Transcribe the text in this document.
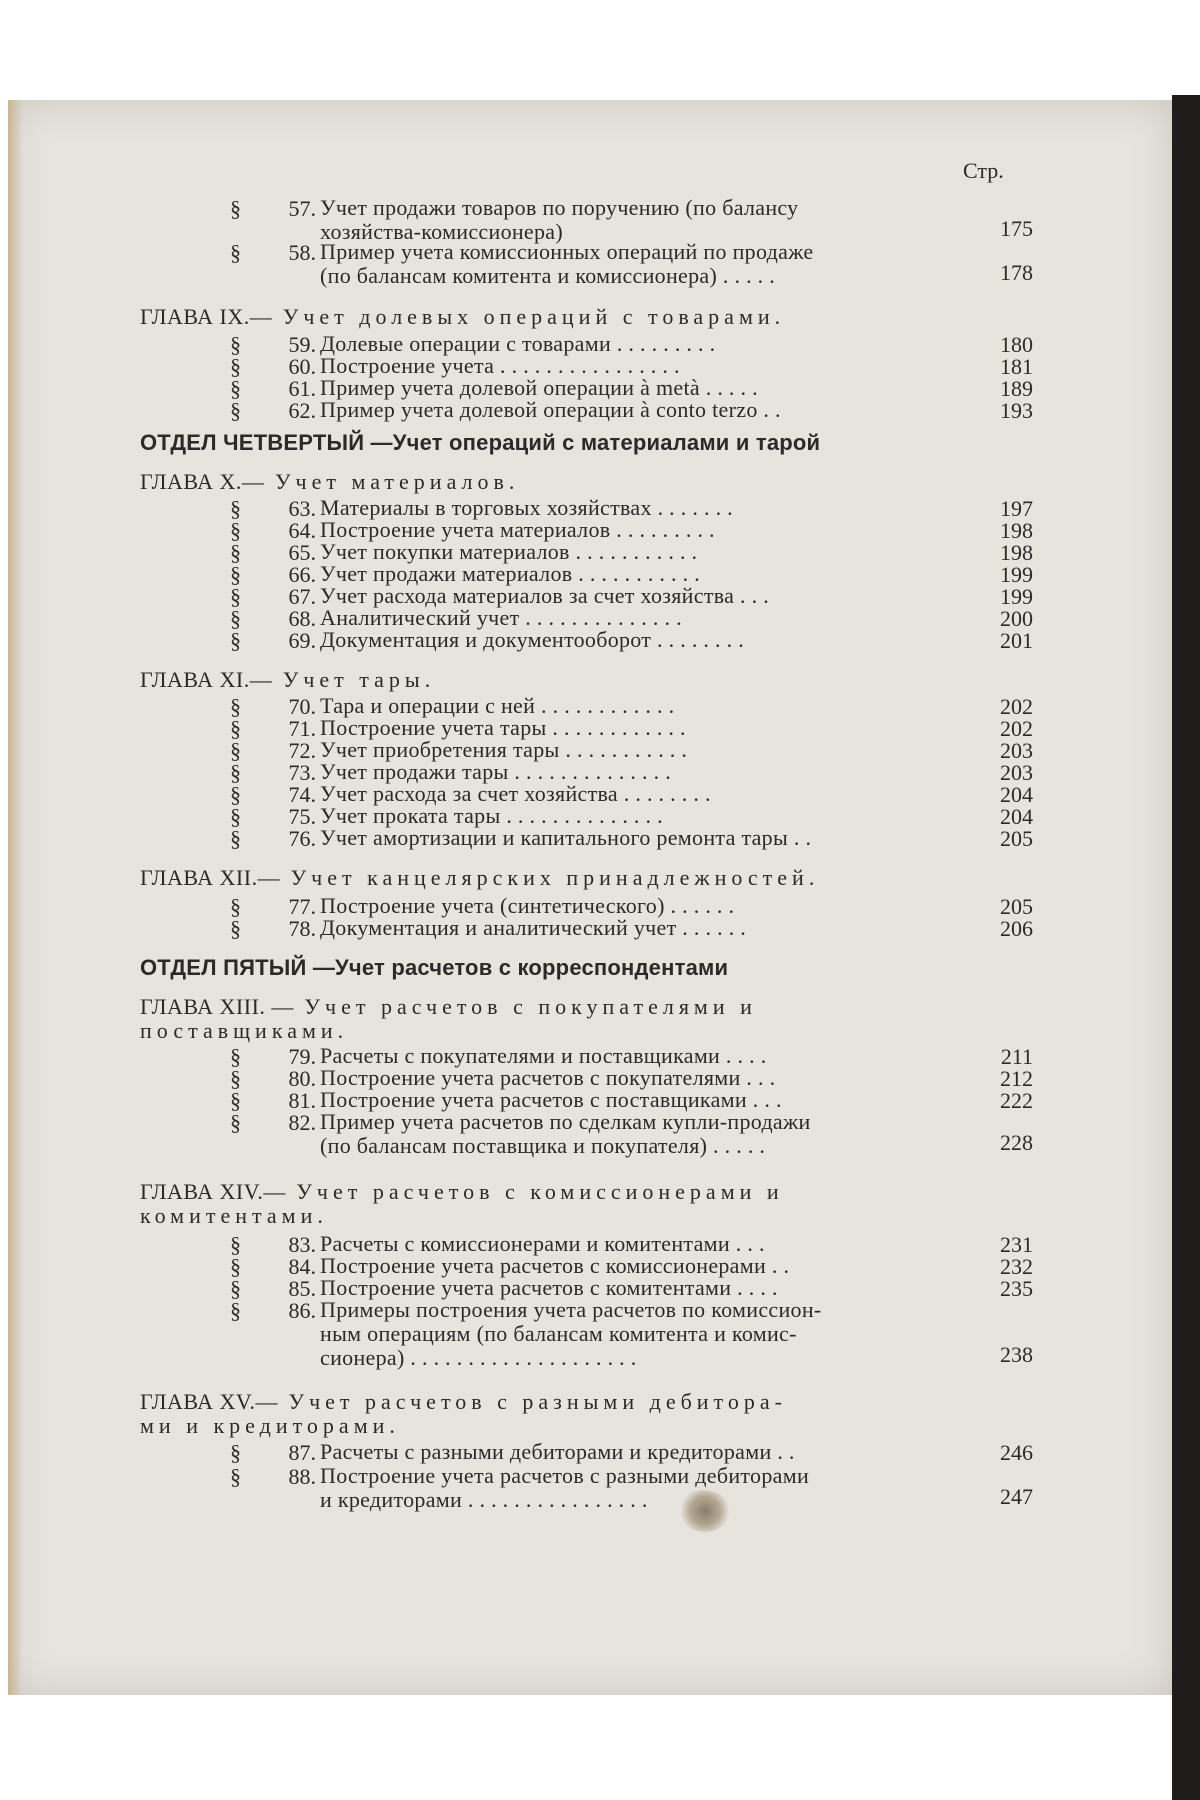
Стр.
§	57. Учет продажи товаров по поручению (по балансу
хозяйства-комиссионера)	175
§	58. Пример учета комиссионных операций по продаже
(по балансам комитента и комиссионера) . . . . .	178
ГЛАВА IX.— Учет долевых операций с товарами.
§	59. Долевые операции с товарами . . . . . . . . .	180
§	60. Построение учета . . . . . . . . . . . . . . . .	181
§	61. Пример учета долевой операции à metà . . . . .	189
§	62. Пример учета долевой операции à conto terzo . .	193
ОТДЕЛ ЧЕТВЕРТЫЙ —Учет операций с материалами и тарой
ГЛАВА X.— Учет материалов.
§	63. Материалы в торговых хозяйствах . . . . . . .	197
§	64. Построение учета материалов . . . . . . . . .	198
§	65. Учет покупки материалов . . . . . . . . . . .	198
§	66. Учет продажи материалов . . . . . . . . . . .	199
§	67. Учет расхода материалов за счет хозяйства . . .	199
§	68. Аналитический учет . . . . . . . . . . . . . .	200
§	69. Документация и документооборот . . . . . . . .	201
ГЛАВА XI.— Учет тары.
§	70. Тара и операции с ней . . . . . . . . . . . .	202
§	71. Построение учета тары . . . . . . . . . . . .	202
§	72. Учет приобретения тары . . . . . . . . . . .	203
§	73. Учет продажи тары . . . . . . . . . . . . . .	203
§	74. Учет расхода за счет хозяйства . . . . . . . .	204
§	75. Учет проката тары . . . . . . . . . . . . . .	204
§	76. Учет амортизации и капитального ремонта тары . .	205
ГЛАВА XII.— Учет канцелярских принадлежностей.
§	77. Построение учета (синтетического) . . . . . .	205
§	78. Документация и аналитический учет . . . . . .	206
ОТДЕЛ ПЯТЫЙ —Учет расчетов с корреспондентами
ГЛАВА XIII. — Учет расчетов с покупателями и
поставщиками.
§	79. Расчеты с покупателями и поставщиками . . . .	211
§	80. Построение учета расчетов с покупателями . . .	212
§	81. Построение учета расчетов с поставщиками . . .	222
§	82. Пример учета расчетов по сделкам купли-продажи
(по балансам поставщика и покупателя) . . . . .	228
ГЛАВА XIV.— Учет расчетов с комиссионерами и
комитентами.
§	83. Расчеты с комиссионерами и комитентами . . .	231
§	84. Построение учета расчетов с комиссионерами . .	232
§	85. Построение учета расчетов с комитентами . . . .	235
§	86. Примеры построения учета расчетов по комиссион-
ным операциям (по балансам комитента и комис-
сионера) . . . . . . . . . . . . . . . . . . . .	238
ГЛАВА XV.— Учет расчетов с разными дебитора-
ми и кредиторами.
§	87. Расчеты с разными дебиторами и кредиторами . .	246
§	88. Построение учета расчетов с разными дебиторами
и кредиторами . . . . . . . . . . . . . . . .	247
